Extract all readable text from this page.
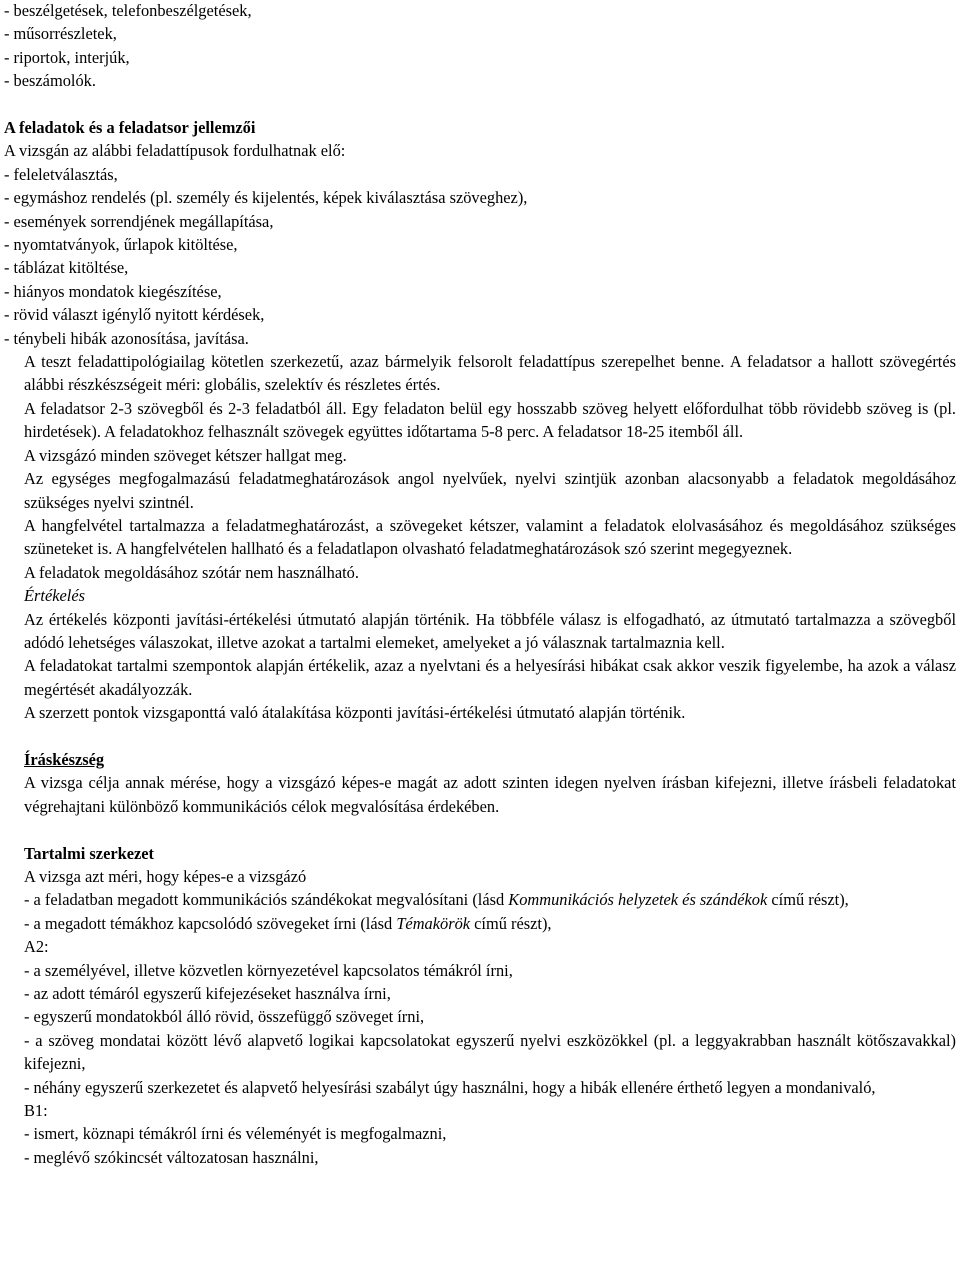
- beszélgetések, telefonbeszélgetések,

- műsorrészletek,

- riportok, interjúk,

- beszámolók.

A feladatok és a feladatsor jellemzői

A vizsgán az alábbi feladattípusok fordulhatnak elő:

- feleletválasztás,

- egymáshoz rendelés (pl. személy és kijelentés, képek kiválasztása szöveghez),

- események sorrendjének megállapítása,

- nyomtatványok, űrlapok kitöltése,

- táblázat kitöltése,

- hiányos mondatok kiegészítése,

- rövid választ igénylő nyitott kérdések,

- ténybeli hibák azonosítása, javítása.

A teszt feladattipológiailag kötetlen szerkezetű, azaz bármelyik felsorolt feladattípus szerepelhet benne. A feladatsor a hallott szövegértés alábbi részkészségeit méri: globális, szelektív és részletes értés.

A feladatsor 2-3 szövegből és 2-3 feladatból áll. Egy feladaton belül egy hosszabb szöveg helyett előfordulhat több rövidebb szöveg is (pl. hirdetések). A feladatokhoz felhasznált szövegek együttes időtartama 5-8 perc. A feladatsor 18-25 itemből áll.

A vizsgázó minden szöveget kétszer hallgat meg.

Az egységes megfogalmazású feladatmeghatározások angol nyelvűek, nyelvi szintjük azonban alacsonyabb a feladatok megoldásához szükséges nyelvi szintnél.

A hangfelvétel tartalmazza a feladatmeghatározást, a szövegeket kétszer, valamint a feladatok elolvasásához és megoldásához szükséges szüneteket is. A hangfelvételen hallható és a feladatlapon olvasható feladatmeghatározások szó szerint megegyeznek.

A feladatok megoldásához szótár nem használható.

Értékelés

Az értékelés központi javítási-értékelési útmutató alapján történik. Ha többféle válasz is elfogadható, az útmutató tartalmazza a szövegből adódó lehetséges válaszokat, illetve azokat a tartalmi elemeket, amelyeket a jó válasznak tartalmaznia kell.

A feladatokat tartalmi szempontok alapján értékelik, azaz a nyelvtani és a helyesírási hibákat csak akkor veszik figyelembe, ha azok a válasz megértését akadályozzák.

A szerzett pontok vizsgaponttá való átalakítása központi javítási-értékelési útmutató alapján történik.

Íráskészség

A vizsga célja annak mérése, hogy a vizsgázó képes-e magát az adott szinten idegen nyelven írásban kifejezni, illetve írásbeli feladatokat végrehajtani különböző kommunikációs célok megvalósítása érdekében.

Tartalmi szerkezet

A vizsga azt méri, hogy képes-e a vizsgázó

- a feladatban megadott kommunikációs szándékokat megvalósítani (lásd Kommunikációs helyzetek és szándékok című részt),

- a megadott témákhoz kapcsolódó szövegeket írni (lásd Témakörök című részt),

A2:

- a személyével, illetve közvetlen környezetével kapcsolatos témákról írni,

- az adott témáról egyszerű kifejezéseket használva írni,

- egyszerű mondatokból álló rövid, összefüggő szöveget írni,

- a szöveg mondatai között lévő alapvető logikai kapcsolatokat egyszerű nyelvi eszközökkel (pl. a leggyakrabban használt kötőszavakkal) kifejezni,

- néhány egyszerű szerkezetet és alapvető helyesírási szabályt úgy használni, hogy a hibák ellenére érthető legyen a mondanivaló,

B1:

- ismert, köznapi témákról írni és véleményét is megfogalmazni,

- meglévő szókincsét változatosan használni,
